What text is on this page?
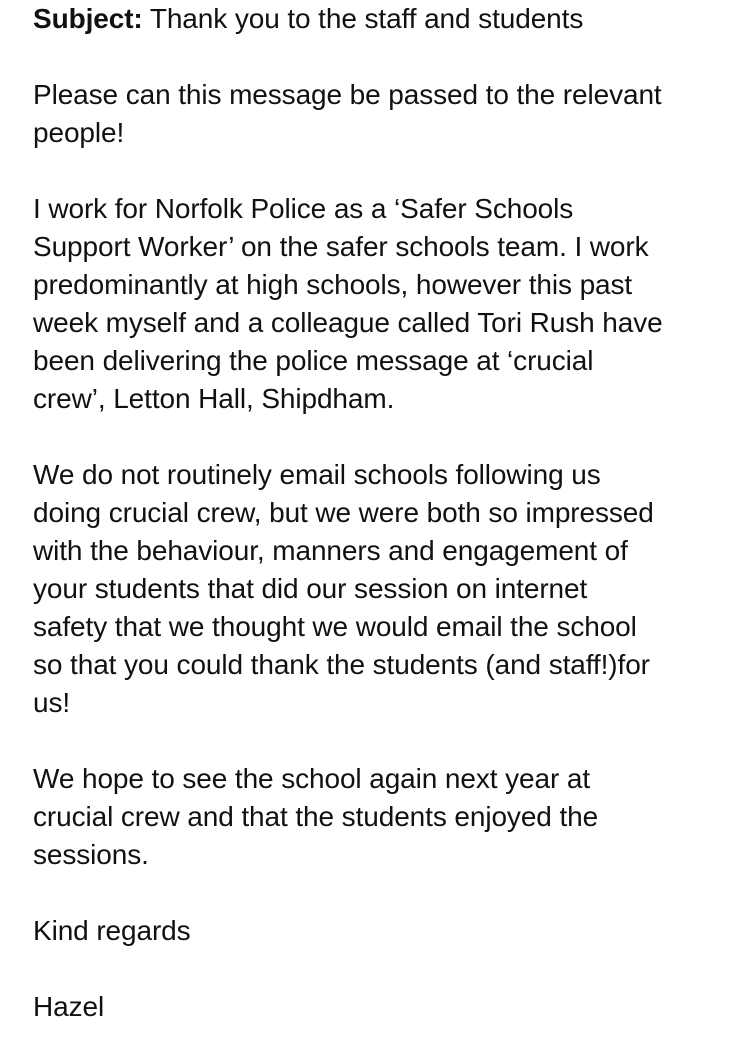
Subject: Thank you to the staff and students
Please can this message be passed to the relevant
people!
I work for Norfolk Police as a ‘Safer Schools
Support Worker’ on the safer schools team. I work
predominantly at high schools, however this past
week myself and a colleague called Tori Rush have
been delivering the police message at ‘crucial
crew’, Letton Hall, Shipdham.
We do not routinely email schools following us
doing crucial crew, but we were both so impressed
with the behaviour, manners and engagement of
your students that did our session on internet
safety that we thought we would email the school
so that you could thank the students (and staff!)for
us!
We hope to see the school again next year at
crucial crew and that the students enjoyed the
sessions.
Kind regards
Hazel
